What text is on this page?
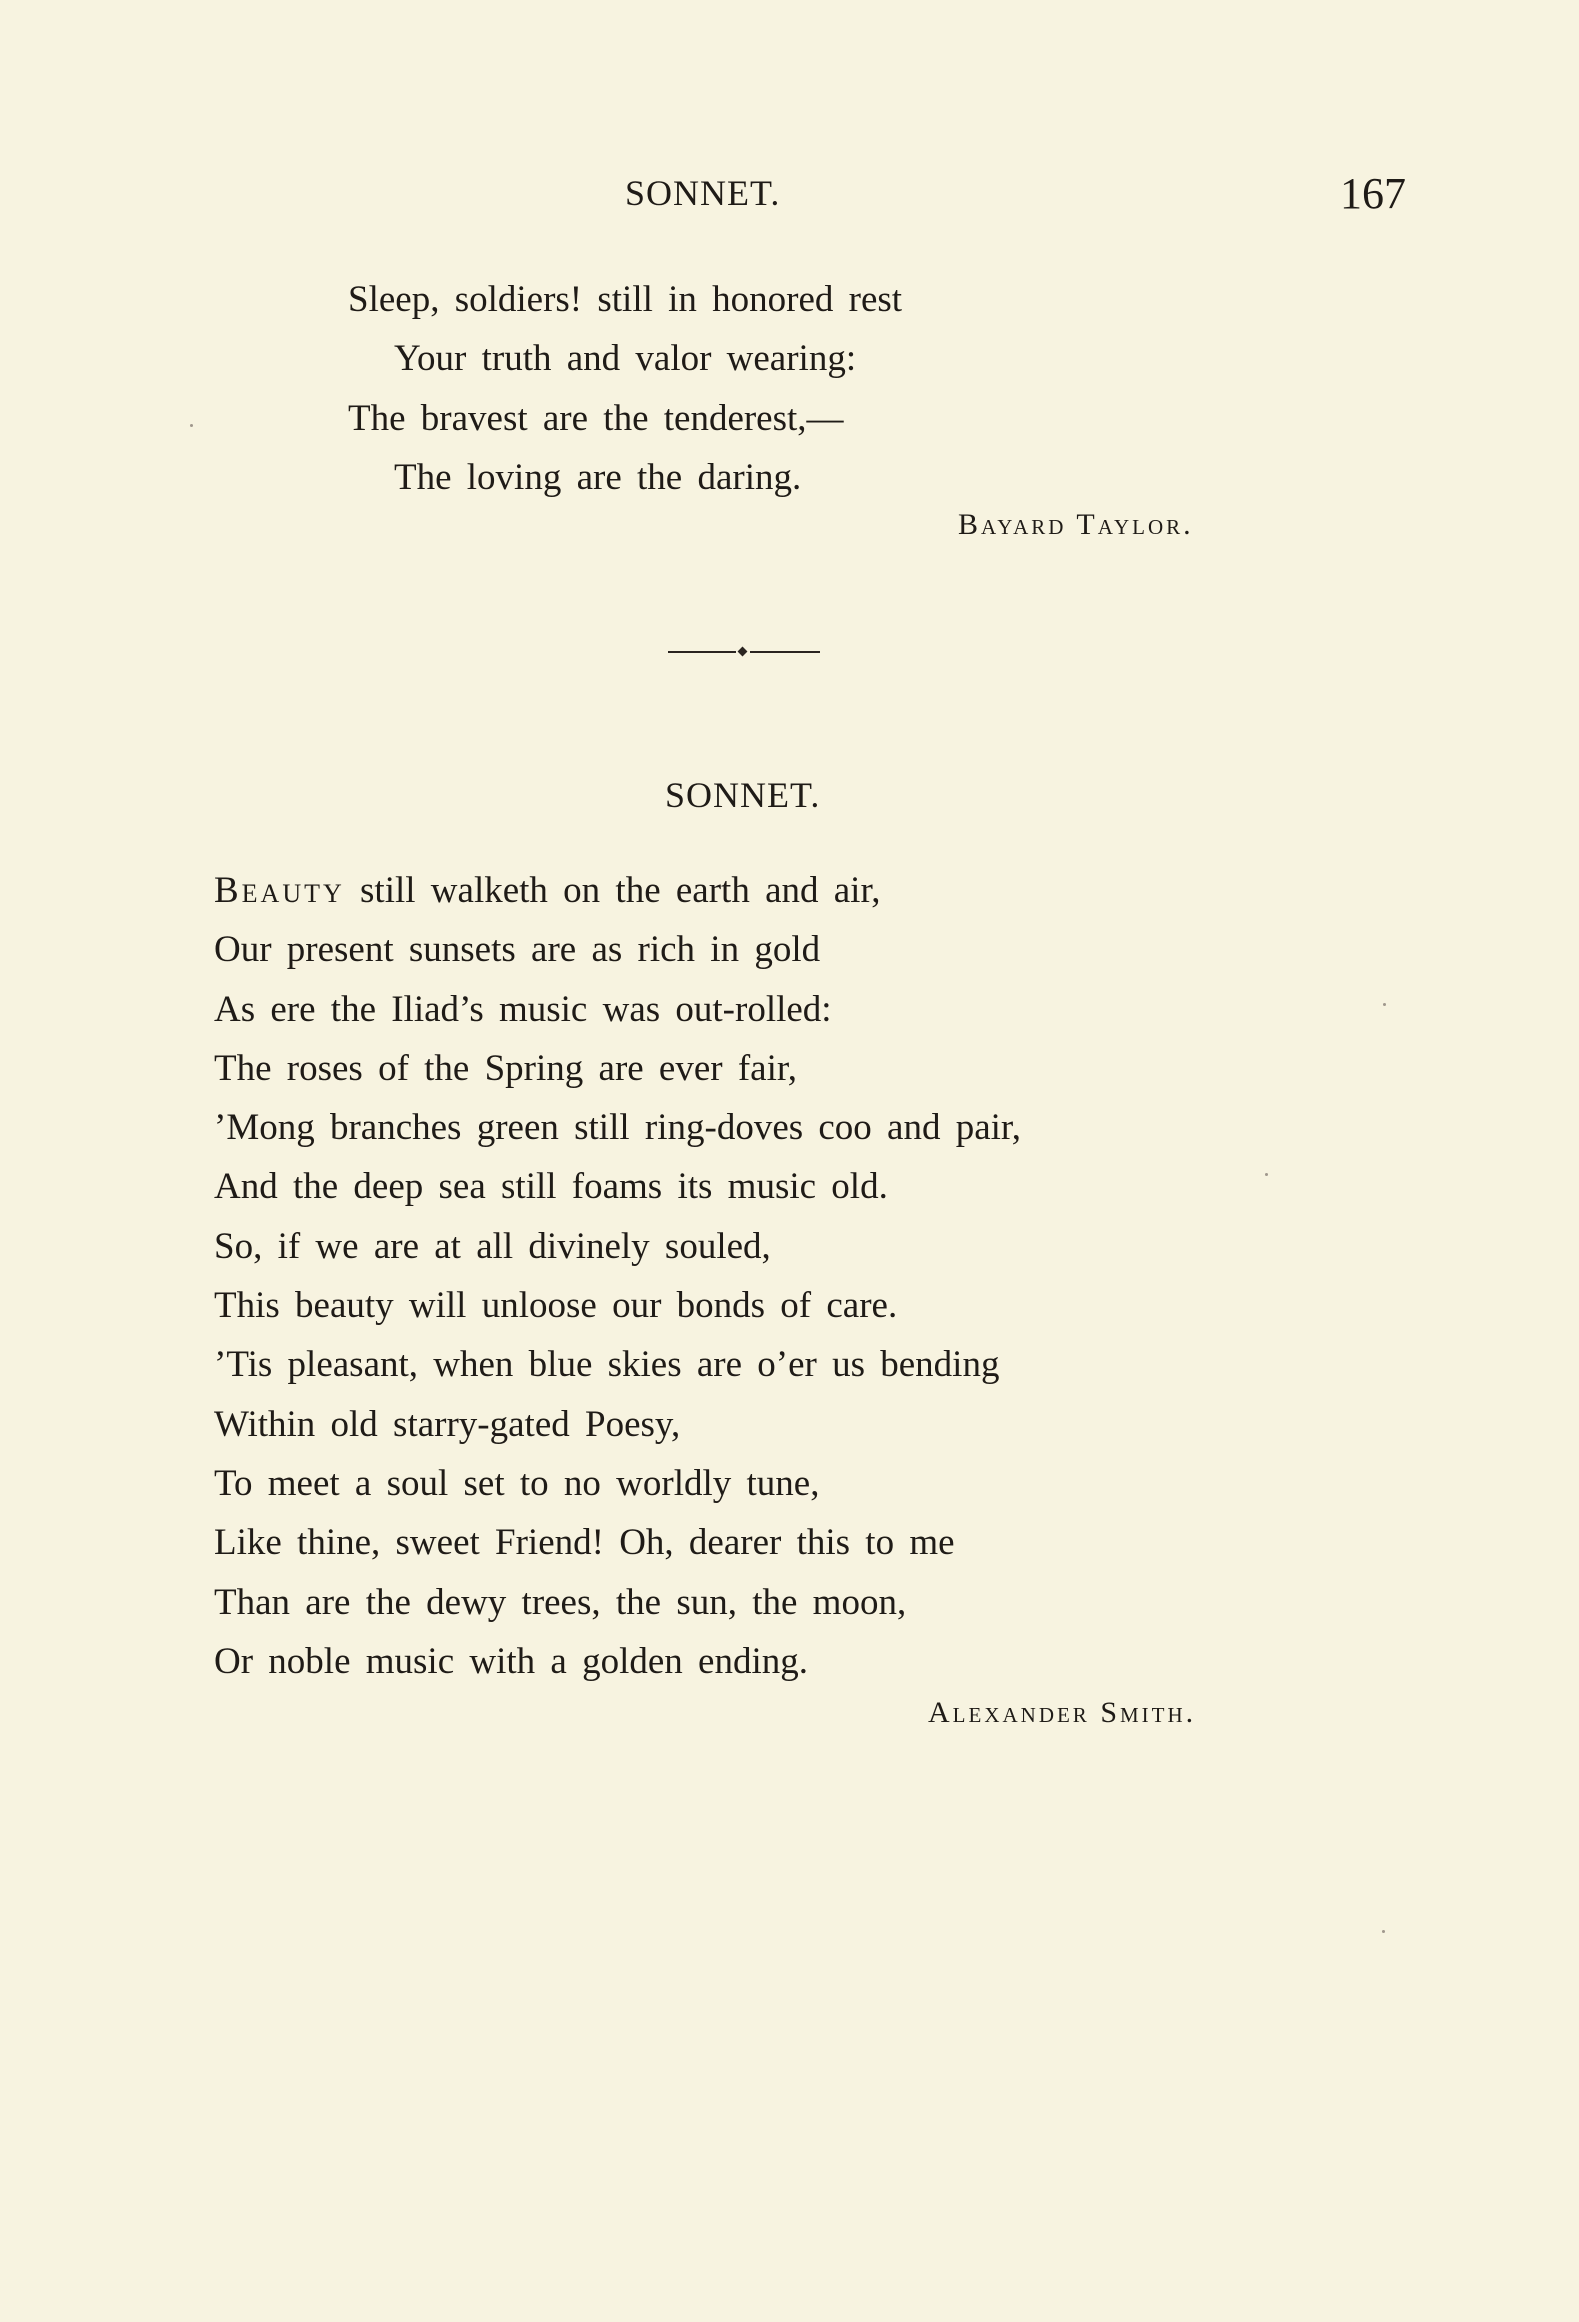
SONNET.	167
Sleep, soldiers! still in honored rest
Your truth and valor wearing:
The bravest are the tenderest,—
The loving are the daring.
Bayard Taylor.
SONNET.
Beauty still walketh on the earth and air,
Our present sunsets are as rich in gold
As ere the Iliad’s music was out-rolled:
The roses of the Spring are ever fair,
’Mong branches green still ring-doves coo and pair,
And the deep sea still foams its music old.
So, if we are at all divinely souled,
This beauty will unloose our bonds of care.
’Tis pleasant, when blue skies are o’er us bending
Within old starry-gated Poesy,
To meet a soul set to no worldly tune,
Like thine, sweet Friend! Oh, dearer this to me
Than are the dewy trees, the sun, the moon,
Or noble music with a golden ending.
Alexander Smith.
